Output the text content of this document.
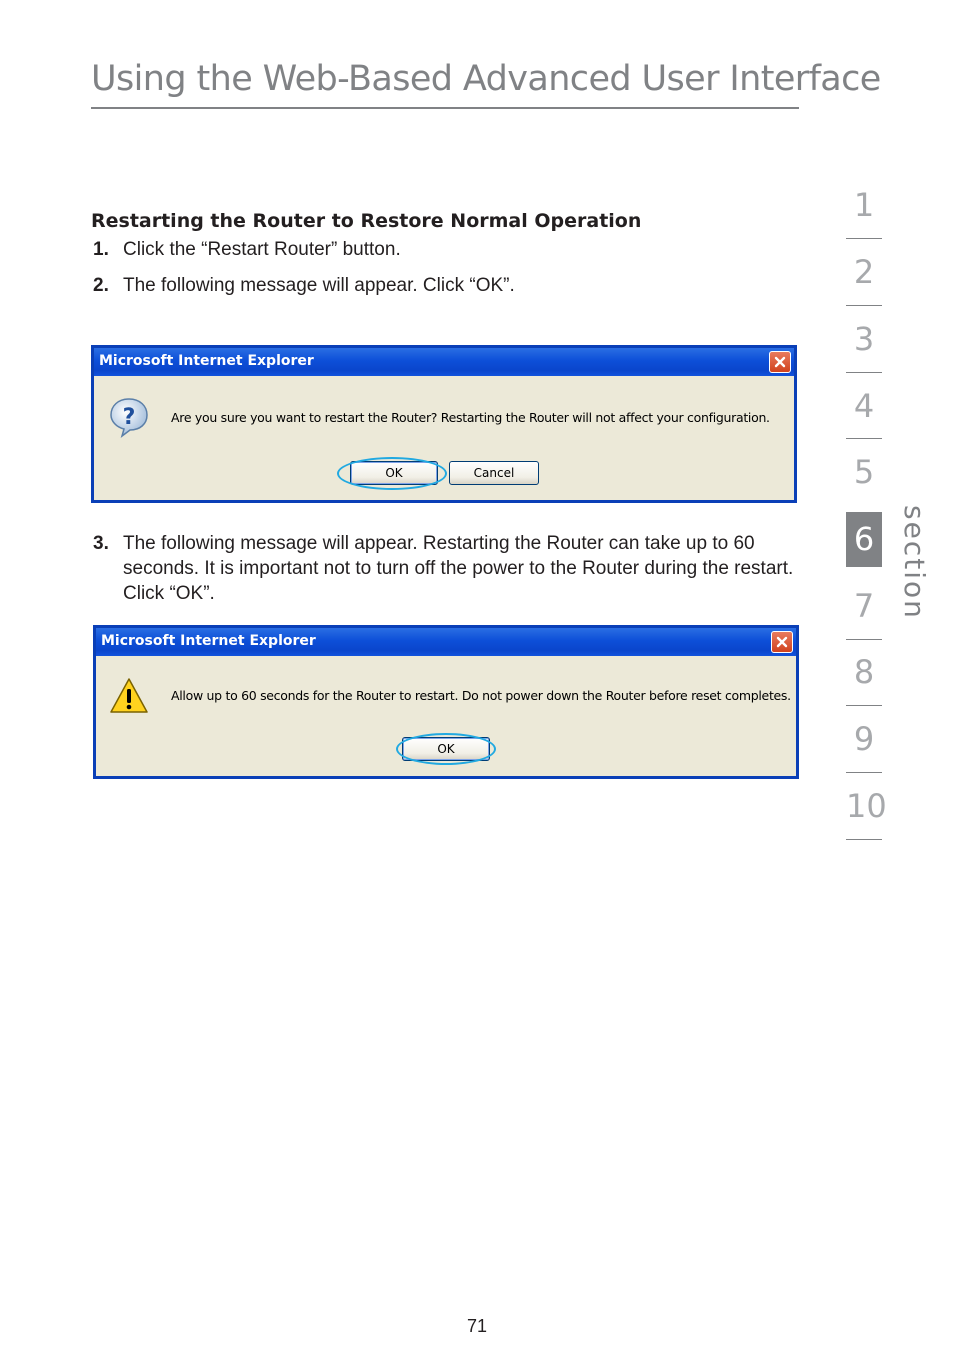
Using the Web-Based Advanced User Interface
Restarting the Router to Restore Normal Operation
1. Click the “Restart Router” button.
2. The following message will appear. Click “OK”.
Microsoft Internet Explorer
?	Are you sure you want to restart the Router? Restarting the Router will not affect your configuration.
OK	Cancel
3. The following message will appear. Restarting the Router can take up to 60 seconds. It is important not to turn off the power to the Router during the restart. Click “OK”.
Microsoft Internet Explorer
Allow up to 60 seconds for the Router to restart. Do not power down the Router before reset completes.
OK
1
2
3
4
5
6
7
8
9
10
section
71
